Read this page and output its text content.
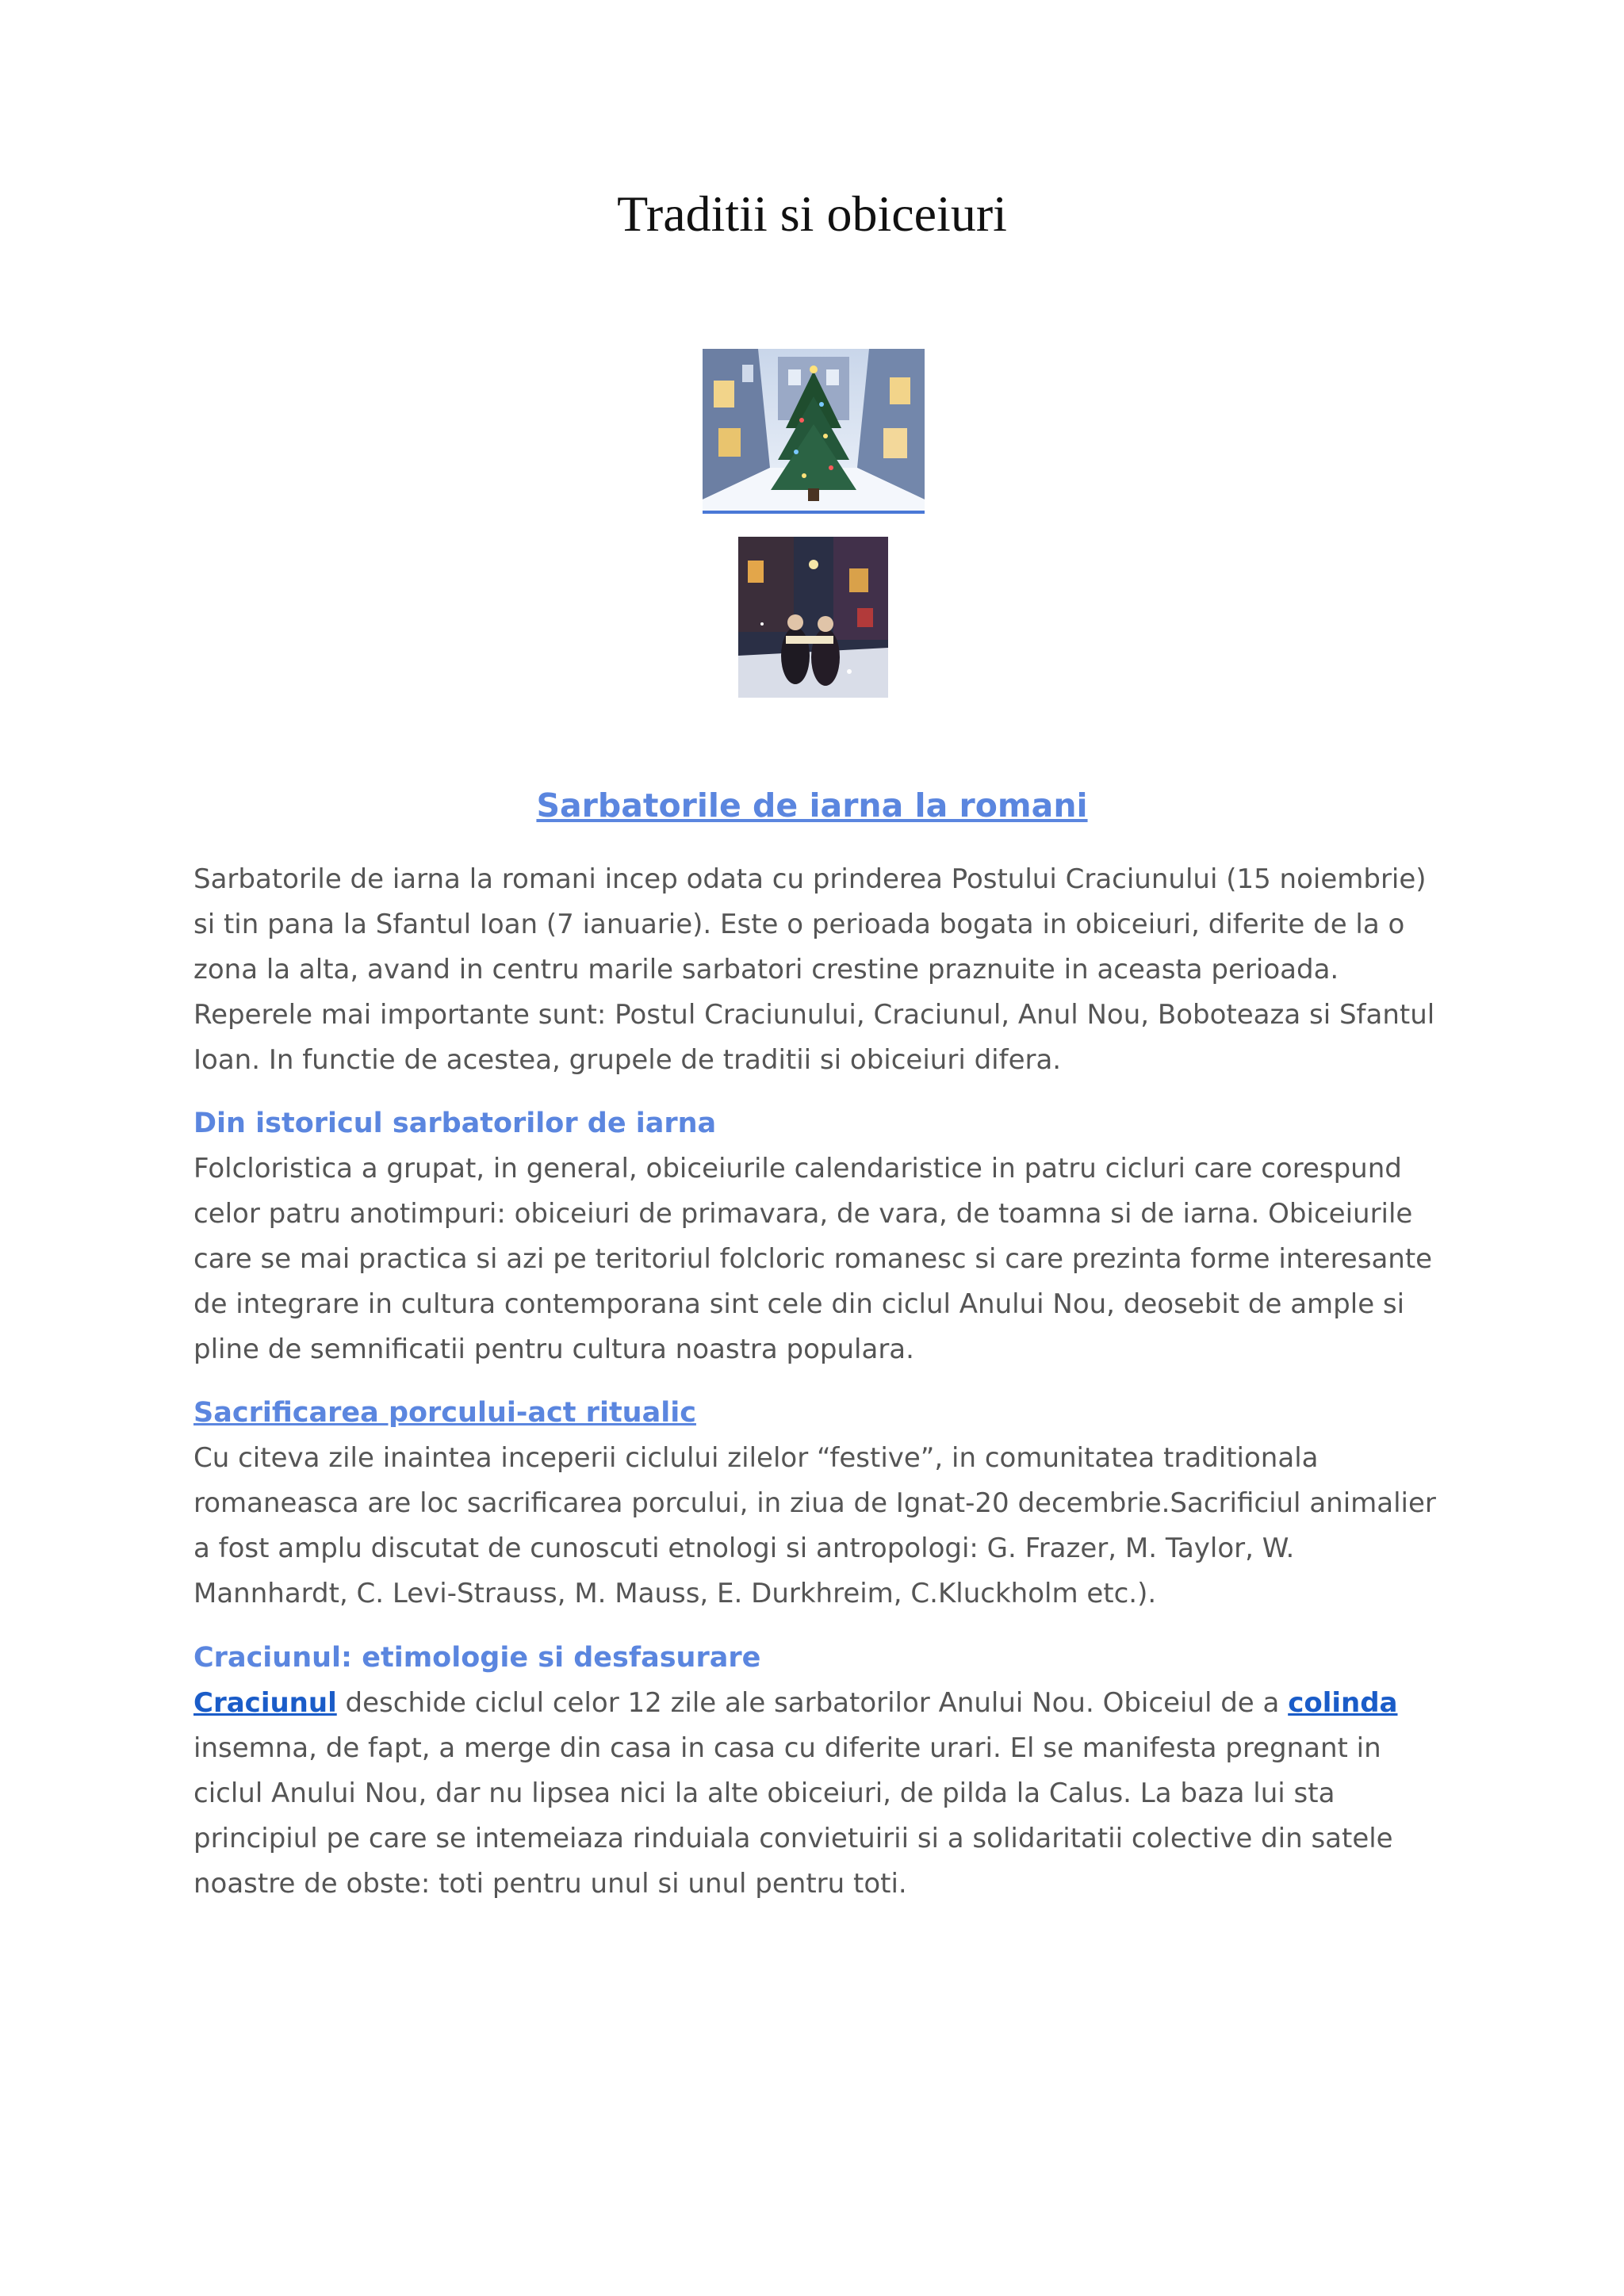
Traditii si obiceiuri
Sarbatorile de iarna la romani

Sarbatorile de iarna la romani incep odata cu prinderea Postului Craciunului (15 noiembrie) si tin pana la Sfantul Ioan (7 ianuarie). Este o perioada bogata in obiceiuri, diferite de la o zona la alta, avand in centru marile sarbatori crestine praznuite in aceasta perioada. Reperele mai importante sunt: Postul Craciunului, Craciunul, Anul Nou, Boboteaza si Sfantul Ioan. In functie de acestea, grupele de traditii si obiceiuri difera.

Din istoricul sarbatorilor de iarna

Folcloristica a grupat, in general, obiceiurile calendaristice in patru cicluri care corespund celor patru anotimpuri: obiceiuri de primavara, de vara, de toamna si de iarna. Obiceiurile care se mai practica si azi pe teritoriul folcloric romanesc si care prezinta forme interesante de integrare in cultura contemporana sint cele din ciclul Anului Nou, deosebit de ample si pline de semnificatii pentru cultura noastra populara.

Sacrificarea porcului-act ritualic

Cu citeva zile inaintea inceperii ciclului zilelor “festive”, in comunitatea traditionala romaneasca are loc sacrificarea porcului, in ziua de Ignat-20 decembrie.Sacrificiul animalier a fost amplu discutat de cunoscuti etnologi si antropologi: G. Frazer, M. Taylor, W. Mannhardt, C. Levi-Strauss, M. Mauss, E. Durkhreim, C.Kluckholm etc.).

Craciunul: etimologie si desfasurare

Craciunul deschide ciclul celor 12 zile ale sarbatorilor Anului Nou. Obiceiul de a colinda insemna, de fapt, a merge din casa in casa cu diferite urari. El se manifesta pregnant in ciclul Anului Nou, dar nu lipsea nici la alte obiceiuri, de pilda la Calus. La baza lui sta principiul pe care se intemeiaza rinduiala convietuirii si a solidaritatii colective din satele noastre de obste: toti pentru unul si unul pentru toti.
